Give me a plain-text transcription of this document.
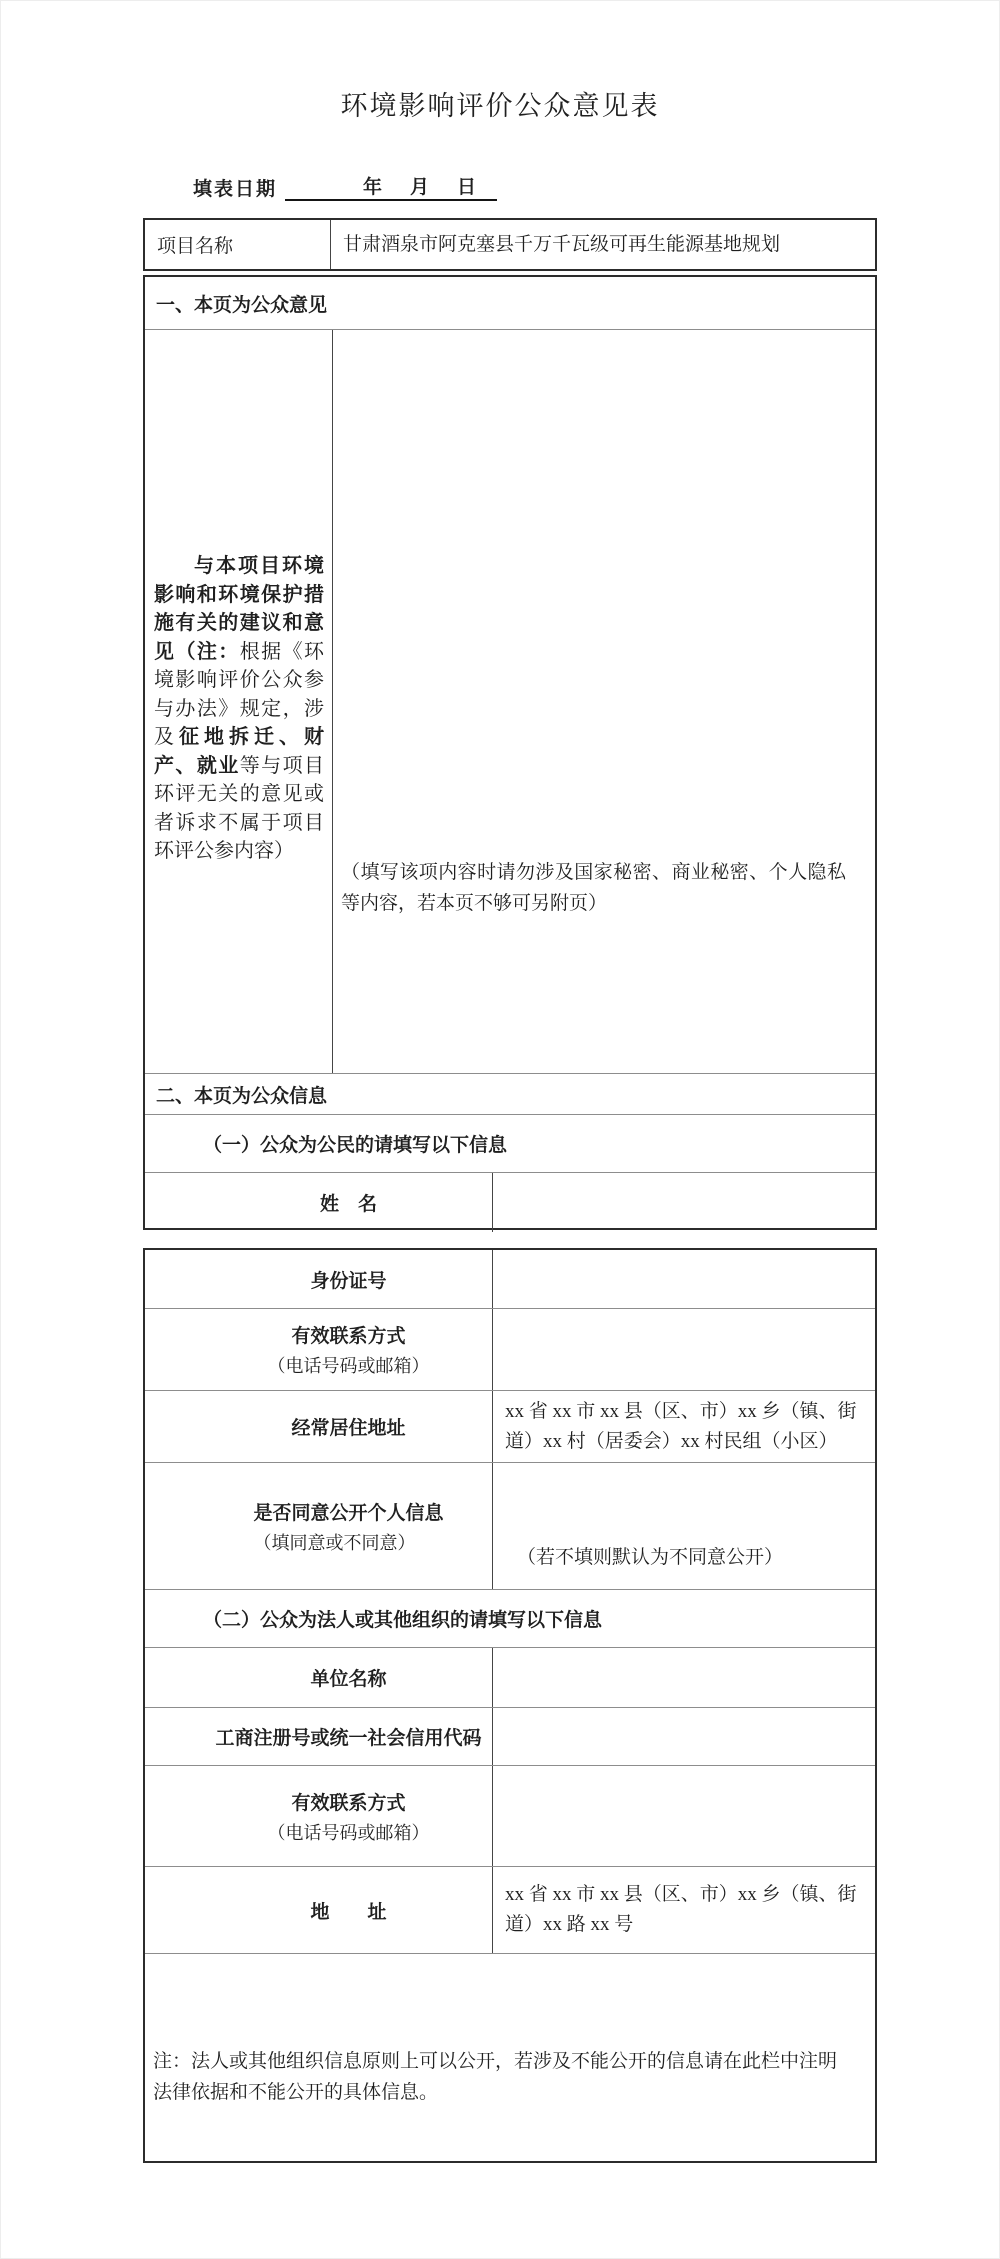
环境影响评价公众意见表
填表日期	年 月 日
项目名称	甘肃酒泉市阿克塞县千万千瓦级可再生能源基地规划
一、本页为公众意见

与本项目环境影响和环境保护措施有关的建议和意见（注：根据《环境影响评价公众参与办法》规定，涉及征地拆迁、财产、就业等与项目环评无关的意见或者诉求不属于项目环评公参内容）

（填写该项内容时请勿涉及国家秘密、商业秘密、个人隐私等内容，若本页不够可另附页）

二、本页为公众信息
（一）公众为公民的请填写以下信息
姓　名
身份证号
有效联系方式
（电话号码或邮箱）
经常居住地址
xx 省 xx 市 xx 县（区、市）xx 乡（镇、街道）xx 村（居委会）xx 村民组（小区）
是否同意公开个人信息
（填同意或不同意）
（若不填则默认为不同意公开）
（二）公众为法人或其他组织的请填写以下信息
单位名称
工商注册号或统一社会信用代码
有效联系方式
（电话号码或邮箱）
地　　址
xx 省 xx 市 xx 县（区、市）xx 乡（镇、街道）xx 路 xx 号
注：法人或其他组织信息原则上可以公开，若涉及不能公开的信息请在此栏中注明法律依据和不能公开的具体信息。
